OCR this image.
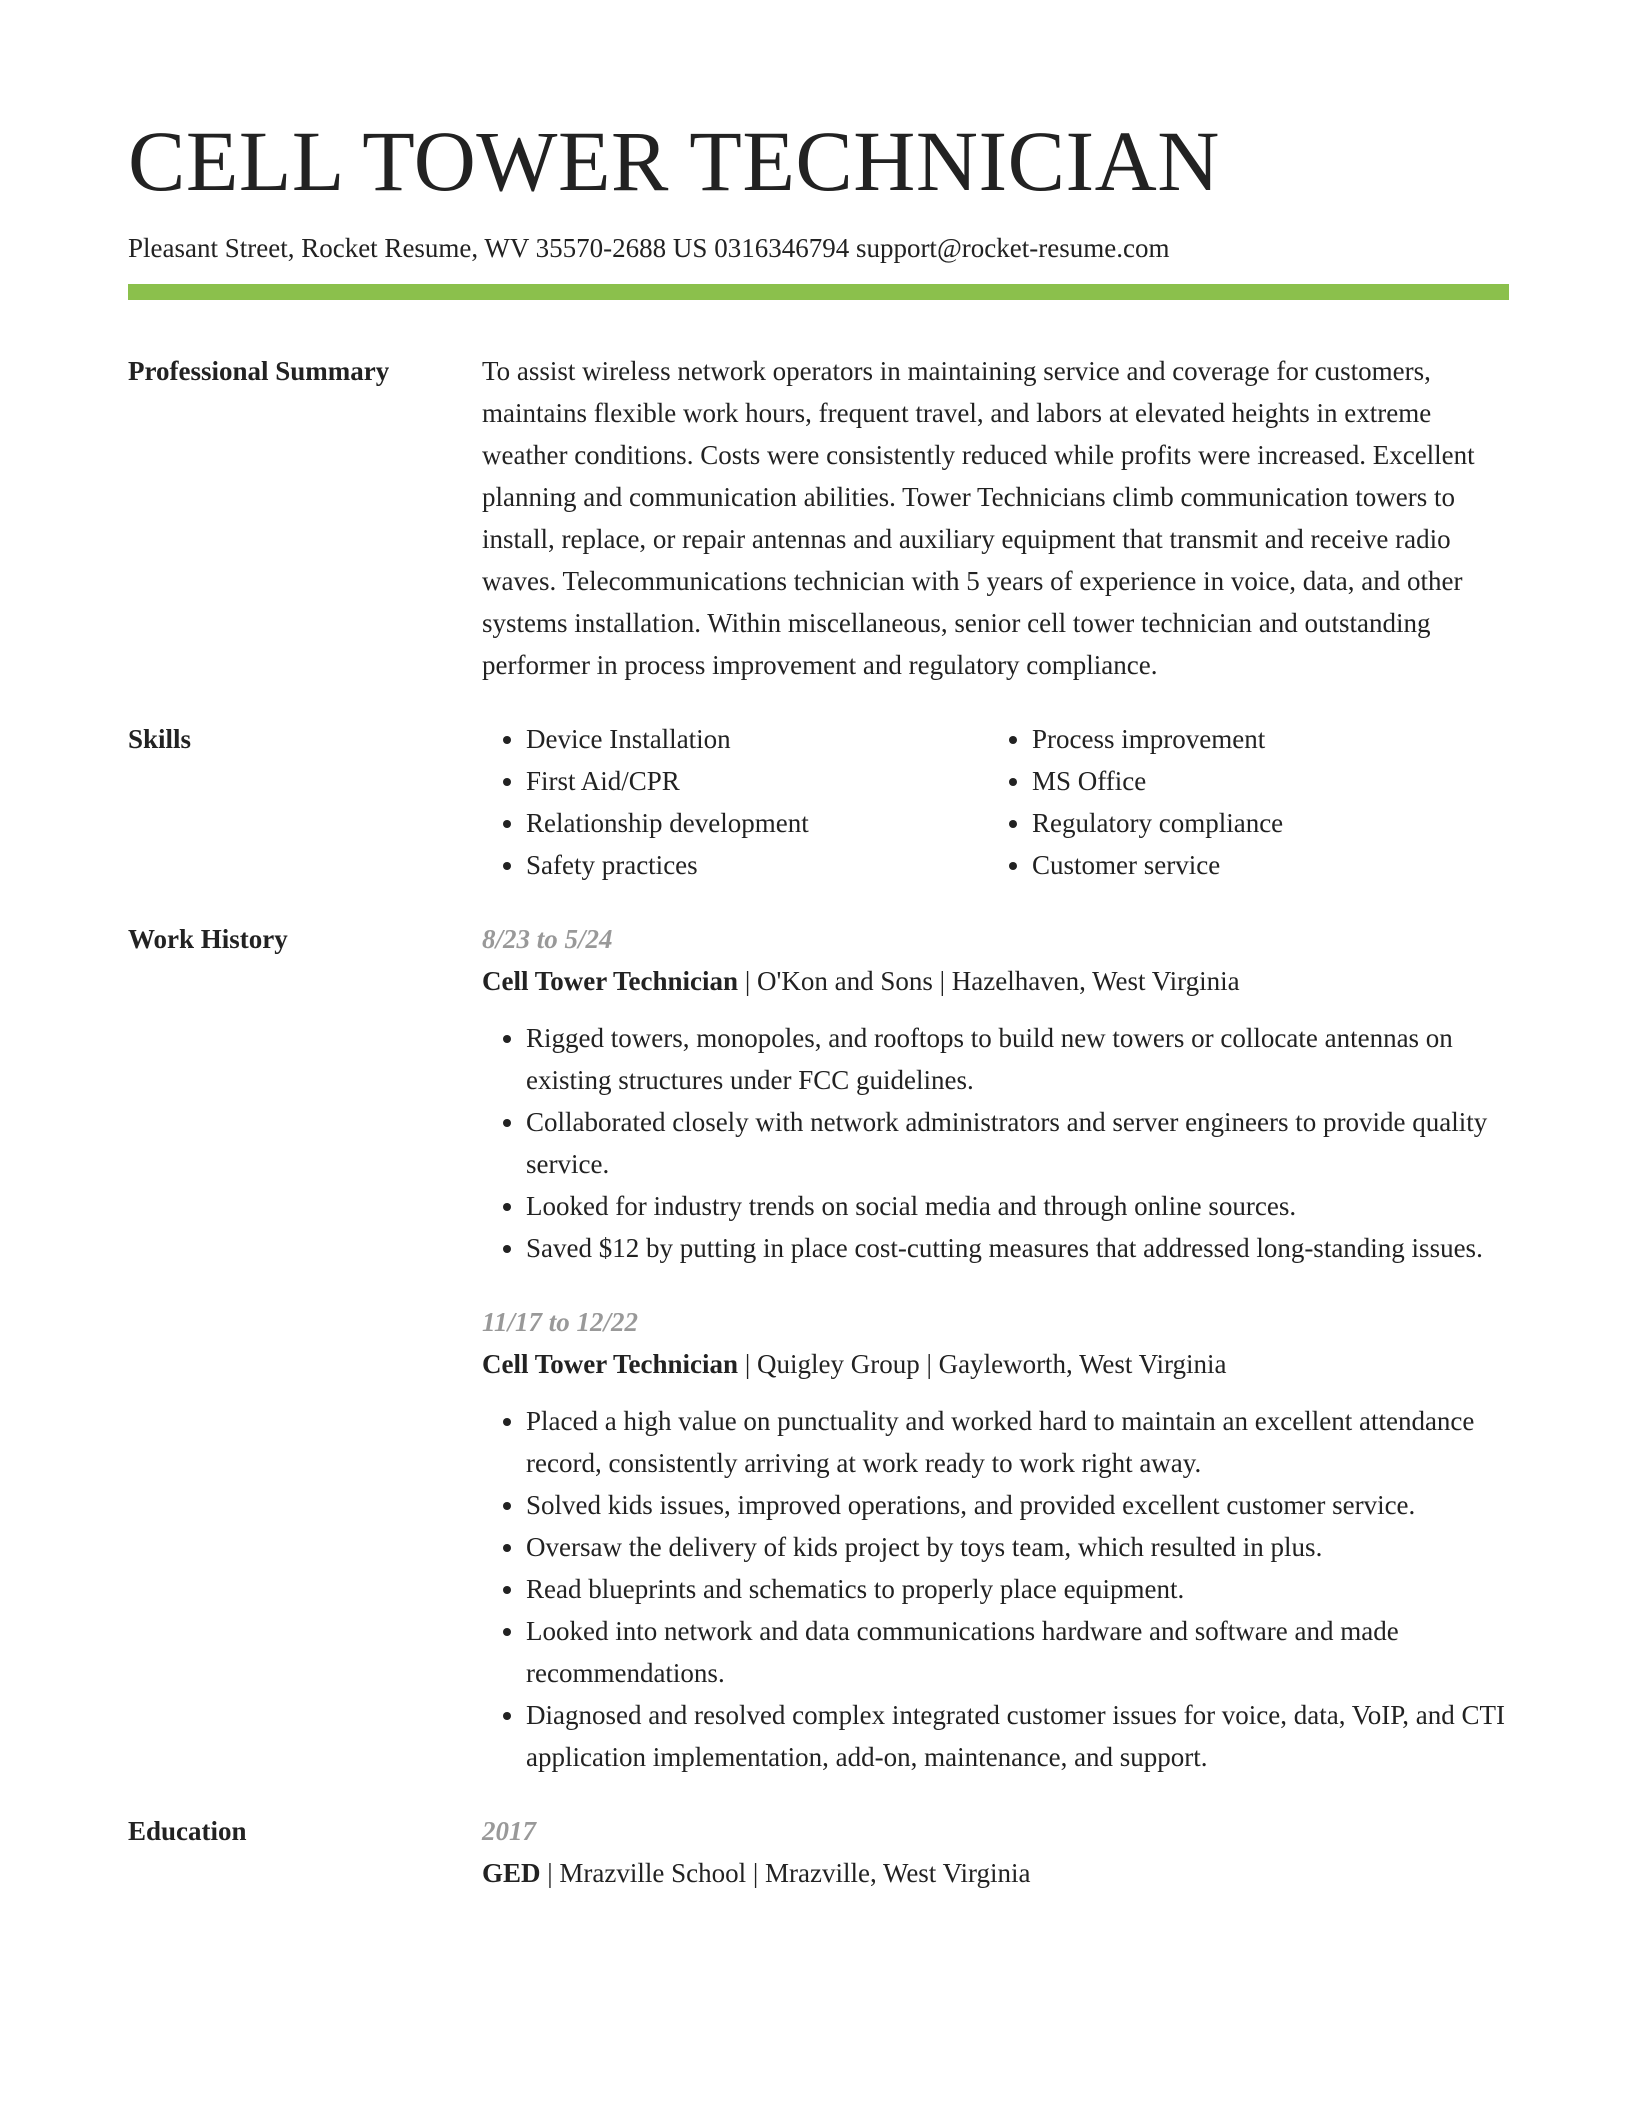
CELL TOWER TECHNICIAN
Pleasant Street, Rocket Resume, WV 35570-2688 US 0316346794 support@rocket-resume.com
Professional Summary	To assist wireless network operators in maintaining service and coverage for customers, maintains flexible work hours, frequent travel, and labors at elevated heights in extreme weather conditions. Costs were consistently reduced while profits were increased. Excellent planning and communication abilities. Tower Technicians climb communication towers to install, replace, or repair antennas and auxiliary equipment that transmit and receive radio waves. Telecommunications technician with 5 years of experience in voice, data, and other systems installation. Within miscellaneous, senior cell tower technician and outstanding performer in process improvement and regulatory compliance.
Skills
•	Device Installation
• First Aid/CPR
• Relationship development
• Safety practices
• Process improvement
• MS Office
• Regulatory compliance
• Customer service
Work History	8/23 to 5/24
Cell Tower Technician | O'Kon and Sons | Hazelhaven, West Virginia
• Rigged towers, monopoles, and rooftops to build new towers or collocate antennas on existing structures under FCC guidelines.
• Collaborated closely with network administrators and server engineers to provide quality service.
• Looked for industry trends on social media and through online sources.
• Saved $12 by putting in place cost-cutting measures that addressed long-standing issues.
11/17 to 12/22
Cell Tower Technician | Quigley Group | Gayleworth, West Virginia
• Placed a high value on punctuality and worked hard to maintain an excellent attendance record, consistently arriving at work ready to work right away.
• Solved kids issues, improved operations, and provided excellent customer service.
• Oversaw the delivery of kids project by toys team, which resulted in plus.
• Read blueprints and schematics to properly place equipment.
• Looked into network and data communications hardware and software and made recommendations.
• Diagnosed and resolved complex integrated customer issues for voice, data, VoIP, and CTI application implementation, add-on, maintenance, and support.
Education	2017
GED | Mrazville School | Mrazville, West Virginia
